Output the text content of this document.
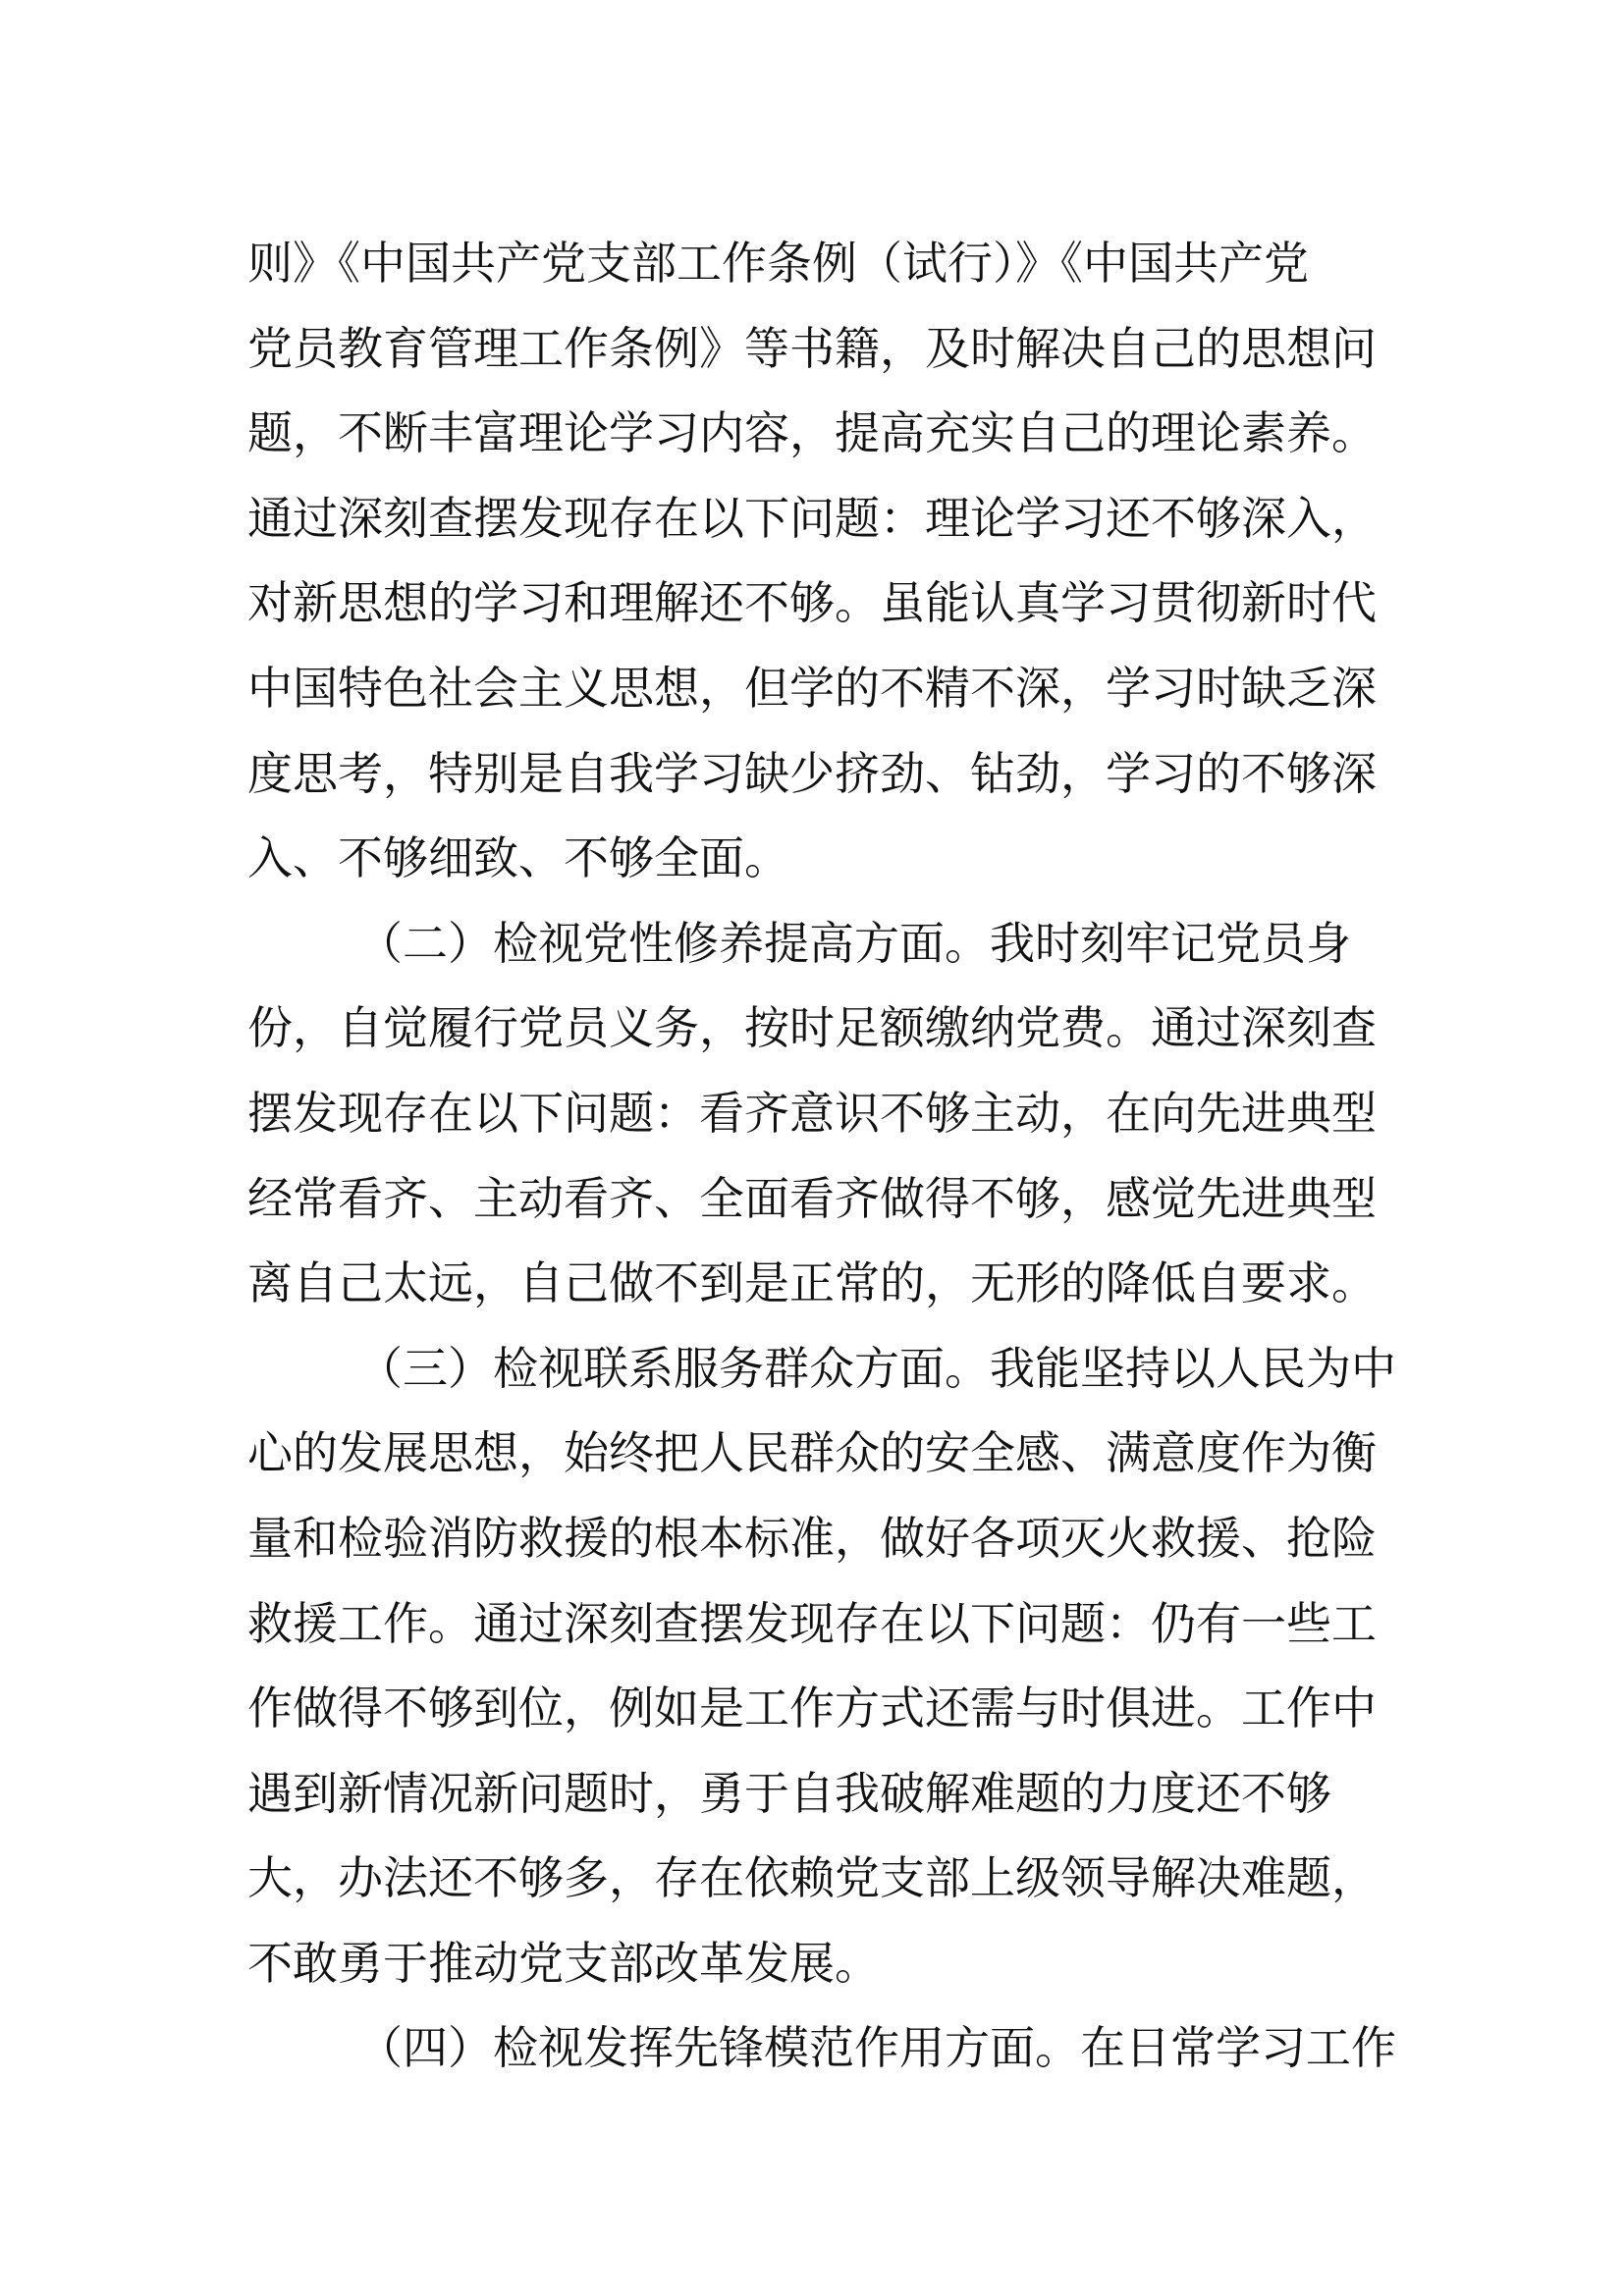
则》《中国共产党支部工作条例（试行）》《中国共产党
党员教育管理工作条例》等书籍，及时解决自己的思想问
题，不断丰富理论学习内容，提高充实自己的理论素养。
通过深刻查摆发现存在以下问题：理论学习还不够深入，
对新思想的学习和理解还不够。虽能认真学习贯彻新时代
中国特色社会主义思想，但学的不精不深，学习时缺乏深
度思考，特别是自我学习缺少挤劲、钻劲，学习的不够深
入、不够细致、不够全面。
（二）检视党性修养提高方面。我时刻牢记党员身
份，自觉履行党员义务，按时足额缴纳党费。通过深刻查
摆发现存在以下问题：看齐意识不够主动，在向先进典型
经常看齐、主动看齐、全面看齐做得不够，感觉先进典型
离自己太远，自己做不到是正常的，无形的降低自要求。
（三）检视联系服务群众方面。我能坚持以人民为中
心的发展思想，始终把人民群众的安全感、满意度作为衡
量和检验消防救援的根本标准，做好各项灭火救援、抢险
救援工作。通过深刻查摆发现存在以下问题：仍有一些工
作做得不够到位，例如是工作方式还需与时俱进。工作中
遇到新情况新问题时，勇于自我破解难题的力度还不够
大，办法还不够多，存在依赖党支部上级领导解决难题，
不敢勇于推动党支部改革发展。
（四）检视发挥先锋模范作用方面。在日常学习工作
